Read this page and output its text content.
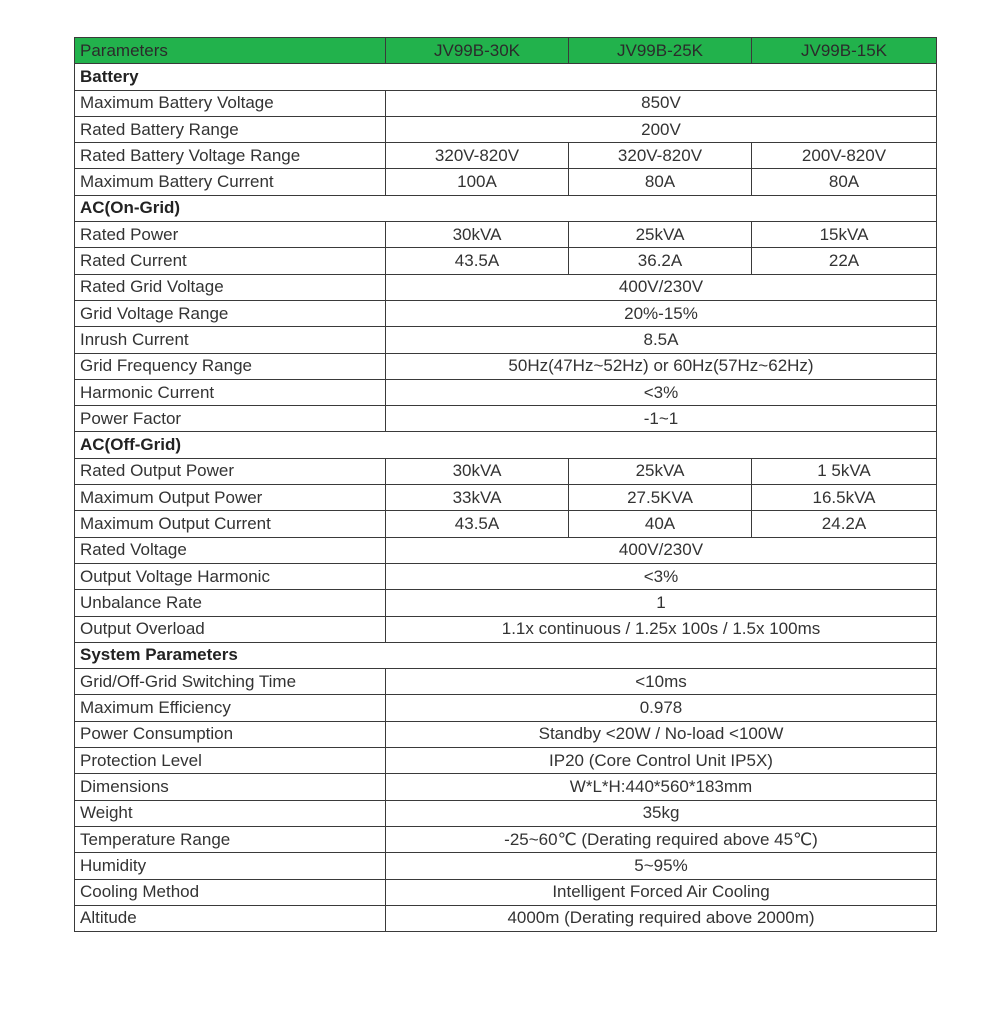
Parameters	JV99B-30K	JV99B-25K	JV99B-15K
Battery			
Maximum Battery Voltage	850V		
Rated Battery Range	200V		
Rated Battery Voltage Range	320V-820V	320V-820V	200V-820V
Maximum Battery Current	100A	80A	80A
AC(On-Grid)			
Rated Power	30kVA	25kVA	15kVA
Rated Current	43.5A	36.2A	22A
Rated Grid Voltage	400V/230V		
Grid Voltage Range	20%-15%		
Inrush Current	8.5A		
Grid Frequency Range	50Hz(47Hz~52Hz) or 60Hz(57Hz~62Hz)		
Harmonic Current	<3%		
Power Factor	-1~1		
AC(Off-Grid)			
Rated Output Power	30kVA	25kVA	1 5kVA
Maximum Output Power	33kVA	27.5KVA	16.5kVA
Maximum Output Current	43.5A	40A	24.2A
Rated Voltage	400V/230V		
Output Voltage Harmonic	<3%		
Unbalance Rate	1		
Output Overload	1.1x continuous / 1.25x 100s / 1.5x 100ms		
System Parameters			
Grid/Off-Grid Switching Time	<10ms		
Maximum Efficiency	0.978		
Power Consumption	Standby <20W / No-load <100W		
Protection Level	IP20 (Core Control Unit IP5X)		
Dimensions	W*L*H:440*560*183mm		
Weight	35kg		
Temperature Range	-25~60℃ (Derating required above 45℃)		
Humidity	5~95%		
Cooling Method	Intelligent Forced Air Cooling		
Altitude	4000m (Derating required above 2000m)		
